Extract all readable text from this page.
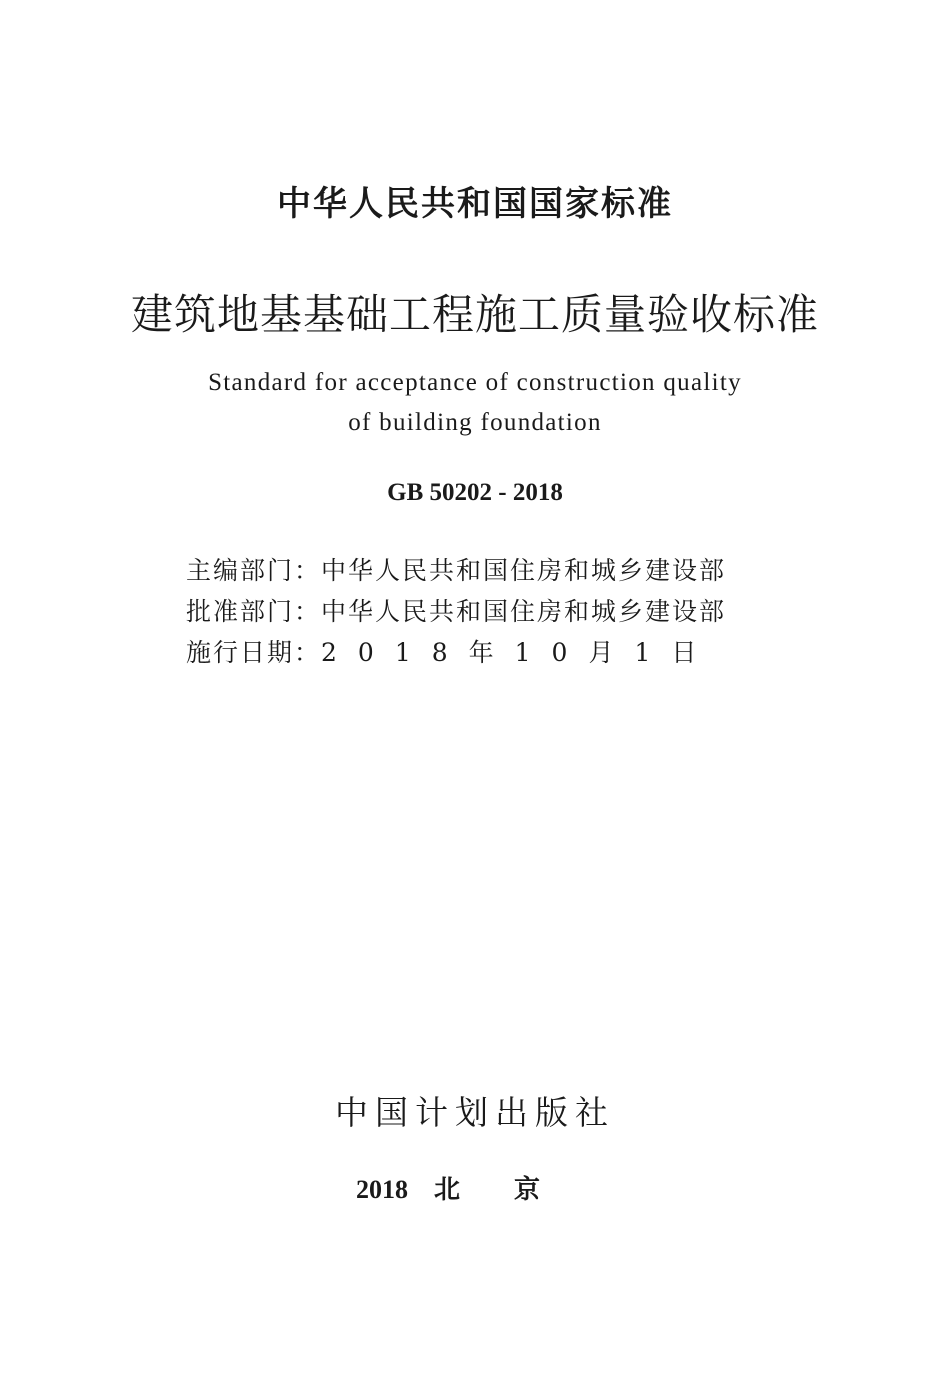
中华人民共和国国家标准
建筑地基基础工程施工质量验收标准
Standard for acceptance of construction quality
of building foundation
GB 50202 - 2018
主编部门：中华人民共和国住房和城乡建设部
批准部门：中华人民共和国住房和城乡建设部
施行日期：2018年10月1日
中国计划出版社
2018 北京
